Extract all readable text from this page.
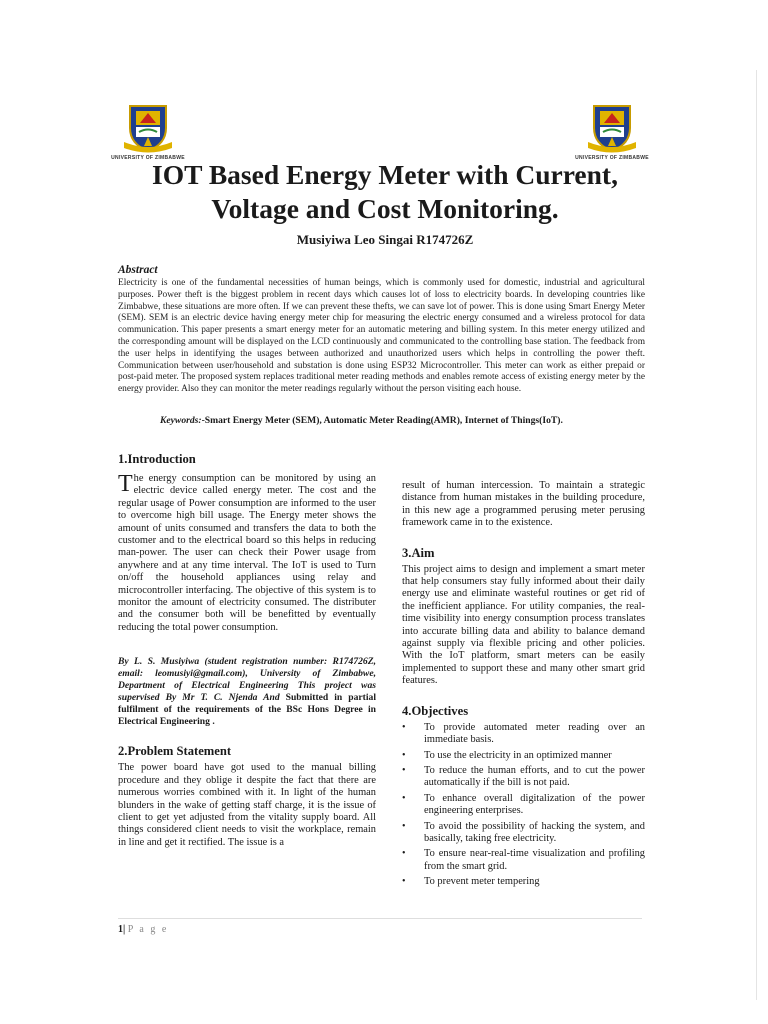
UNIVERSITY OF ZIMBABWE	UNIVERSITY OF ZIMBABWE
IOT Based Energy Meter with Current,
Voltage and Cost Monitoring.

Musiyiwa Leo Singai R174726Z

Abstract

Electricity is one of the fundamental necessities of human beings, which is commonly used for domestic, industrial and agricultural purposes. Power theft is the biggest problem in recent days which causes lot of loss to electricity boards. In developing countries like Zimbabwe, these situations are more often. If we can prevent these thefts, we can save lot of power. This is done using Smart Energy Meter (SEM). SEM is an electric device having energy meter chip for measuring the electric energy consumed and a wireless protocol for data communication. This paper presents a smart energy meter for an automatic metering and billing system. In this meter energy utilized and the corresponding amount will be displayed on the LCD continuously and communicated to the controlling base station. The feedback from the user helps in identifying the usages between authorized and unauthorized users which helps in controlling the power theft. Communication between user/household and substation is done using ESP32 Microcontroller. This meter can work as either prepaid or post-paid meter. The proposed system replaces traditional meter reading methods and enables remote access of existing energy meter by the energy provider. Also they can monitor the meter readings regularly without the person visiting each house.

Keywords:-Smart Energy Meter (SEM), Automatic Meter Reading(AMR), Internet of Things(IoT).

1.Introduction

The energy consumption can be monitored by using an electric device called energy meter. The cost and the regular usage of Power consumption are informed to the user to overcome high bill usage. The Energy meter shows the amount of units consumed and transfers the data to both the customer and to the electrical board so this helps in reducing man-power. The user can check their Power usage from anywhere and at any time interval. The IoT is used to Turn on/off the household appliances using relay and microcontroller interfacing. The objective of this system is to monitor the amount of electricity consumed. The distributer and the consumer both will be benefitted by eventually reducing the total power consumption.

By L. S. Musiyiwa (student registration number: R174726Z, email: leomusiyi@gmail.com), University of Zimbabwe, Department of Electrical Engineering This project was supervised By Mr T. C. Njenda And Submitted in partial fulfilment of the requirements of the BSc Hons Degree in Electrical Engineering .

2.Problem Statement

The power board have got used to the manual billing procedure and they oblige it despite the fact that there are numerous worries combined with it. In light of the human blunders in the wake of getting staff charge, it is the issue of client to get yet adjusted from the vitality supply board. All things considered client needs to visit the workplace, remain in line and get it rectified. The issue is a

result of human intercession. To maintain a strategic distance from human mistakes in the building procedure, in this new age a programmed perusing meter perusing framework came in to the existence.

3.Aim

This project aims to design and implement a smart meter that help consumers stay fully informed about their daily energy use and eliminate wasteful routines or get rid of the inefficient appliance. For utility companies, the real-time visibility into energy consumption process translates into accurate billing data and ability to balance demand against supply via flexible pricing and other policies. With the IoT platform, smart meters can be easily implemented to support these and many other smart grid features.

4.Objectives

• To provide automated meter reading over an immediate basis.
• To use the electricity in an optimized manner
• To reduce the human efforts, and to cut the power automatically if the bill is not paid.
• To enhance overall digitalization of the power engineering enterprises.
• To avoid the possibility of hacking the system, and basically, taking free electricity.
• To ensure near-real-time visualization and profiling from the smart grid.
• To prevent meter tempering

1| P a g e
